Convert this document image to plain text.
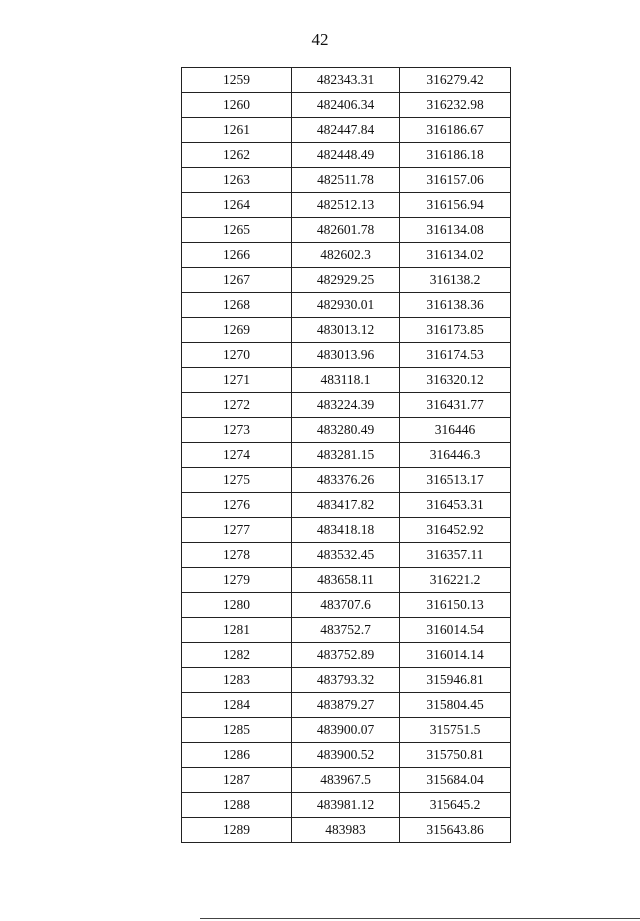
42
1259	482343.31	316279.42
1260	482406.34	316232.98
1261	482447.84	316186.67
1262	482448.49	316186.18
1263	482511.78	316157.06
1264	482512.13	316156.94
1265	482601.78	316134.08
1266	482602.3	316134.02
1267	482929.25	316138.2
1268	482930.01	316138.36
1269	483013.12	316173.85
1270	483013.96	316174.53
1271	483118.1	316320.12
1272	483224.39	316431.77
1273	483280.49	316446
1274	483281.15	316446.3
1275	483376.26	316513.17
1276	483417.82	316453.31
1277	483418.18	316452.92
1278	483532.45	316357.11
1279	483658.11	316221.2
1280	483707.6	316150.13
1281	483752.7	316014.54
1282	483752.89	316014.14
1283	483793.32	315946.81
1284	483879.27	315804.45
1285	483900.07	315751.5
1286	483900.52	315750.81
1287	483967.5	315684.04
1288	483981.12	315645.2
1289	483983	315643.86
